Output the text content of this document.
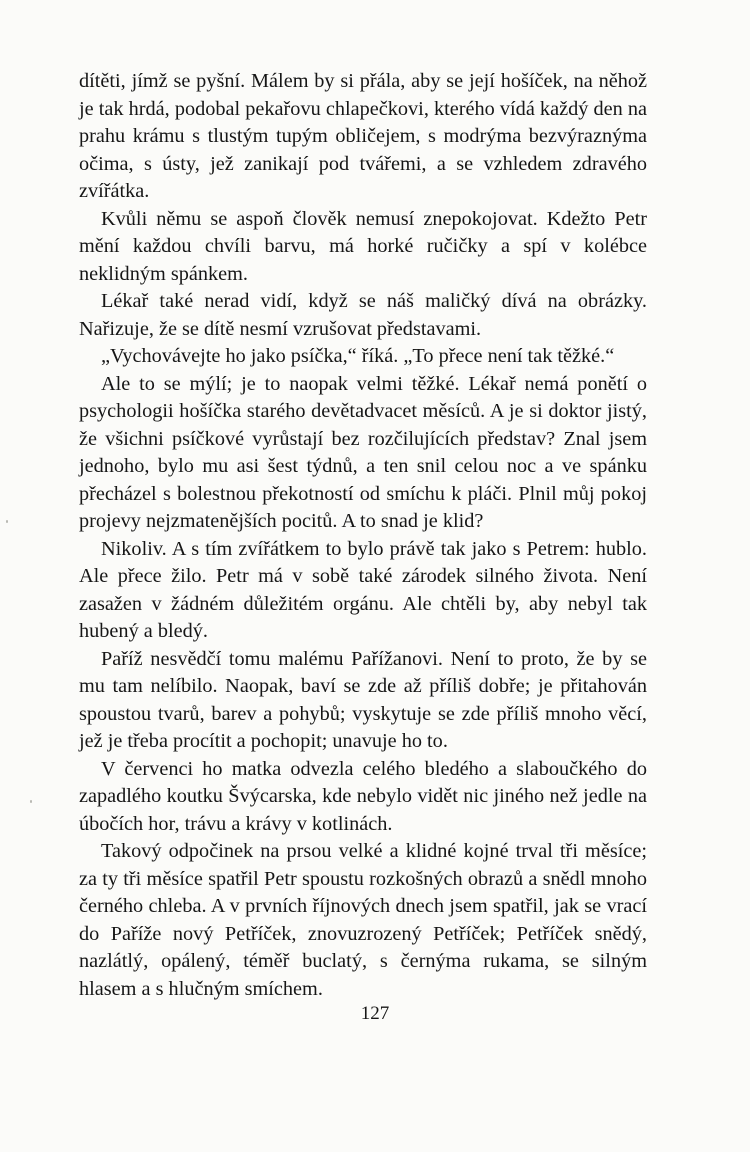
dítěti, jímž se pyšní. Málem by si přála, aby se její hošíček, na něhož je tak hrdá, podobal pekařovu chlapečkovi, kterého vídá každý den na prahu krámu s tlustým tupým obličejem, s modrýma bezvýraznýma očima, s ústy, jež zanikají pod tvářemi, a se vzhledem zdravého zvířátka.

Kvůli němu se aspoň člověk nemusí znepokojovat. Kdežto Petr mění každou chvíli barvu, má horké ručičky a spí v kolébce neklidným spánkem.

Lékař také nerad vidí, když se náš maličký dívá na obrázky. Nařizuje, že se dítě nesmí vzrušovat představami.

„Vychovávejte ho jako psíčka,“ říká. „To přece není tak těžké.“

Ale to se mýlí; je to naopak velmi těžké. Lékař nemá ponětí o psychologii hošíčka starého devětadvacet měsíců. A je si doktor jistý, že všichni psíčkové vyrůstají bez rozčilujících představ? Znal jsem jednoho, bylo mu asi šest týdnů, a ten snil celou noc a ve spánku přecházel s bolestnou překotností od smíchu k pláči. Plnil můj pokoj projevy nejzmatenějších pocitů. A to snad je klid?

Nikoliv. A s tím zvířátkem to bylo právě tak jako s Petrem: hublo. Ale přece žilo. Petr má v sobě také zárodek silného života. Není zasažen v žádném důležitém orgánu. Ale chtěli by, aby nebyl tak hubený a bledý.

Paříž nesvědčí tomu malému Pařížanovi. Není to proto, že by se mu tam nelíbilo. Naopak, baví se zde až příliš dobře; je přitahován spoustou tvarů, barev a pohybů; vyskytuje se zde příliš mnoho věcí, jež je třeba procítit a pochopit; unavuje ho to.

V červenci ho matka odvezla celého bledého a slaboučkého do zapadlého koutku Švýcarska, kde nebylo vidět nic jiného než jedle na úbočích hor, trávu a krávy v kotlinách.

Takový odpočinek na prsou velké a klidné kojné trval tři měsíce; za ty tři měsíce spatřil Petr spoustu rozkošných obrazů a snědl mnoho černého chleba. A v prvních říjnových dnech jsem spatřil, jak se vrací do Paříže nový Petříček, znovuzrozený Petříček; Petříček snědý, nazlátlý, opálený, téměř buclatý, s černýma rukama, se silným hlasem a s hlučným smíchem.

127
